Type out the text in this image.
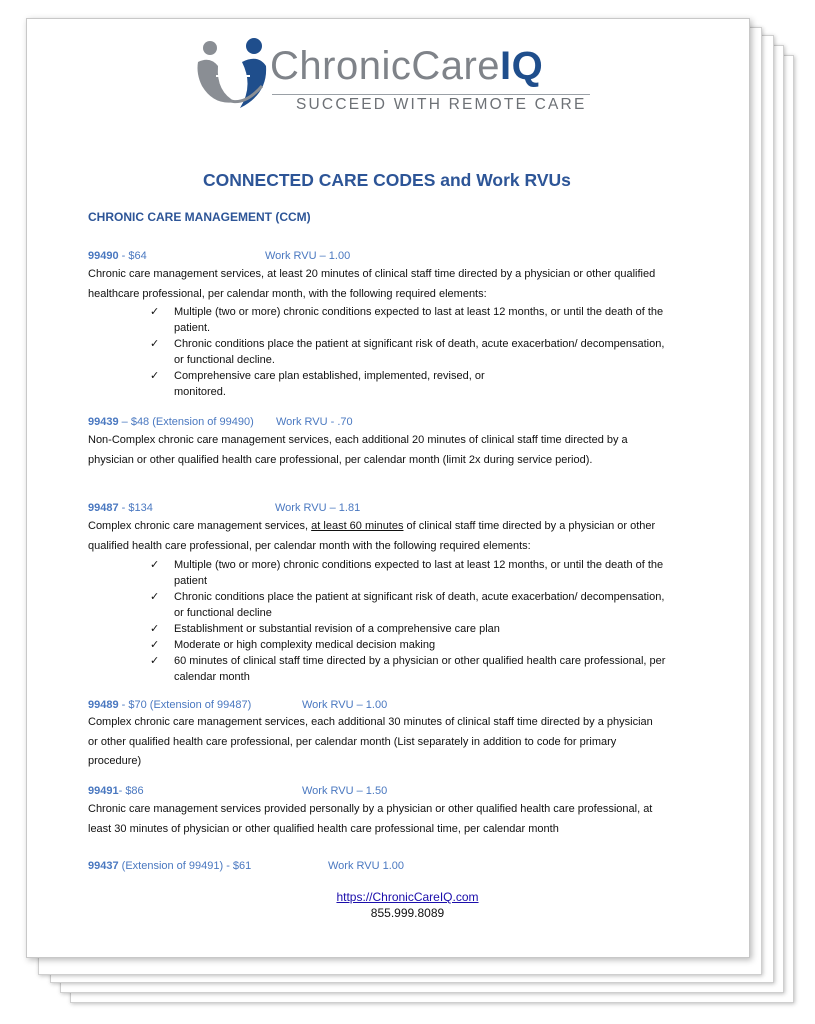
ChronicCareIQ
SUCCEED WITH REMOTE CARE
CONNECTED CARE CODES and Work RVUs
CHRONIC CARE MANAGEMENT (CCM)
99490 - $64	Work RVU – 1.00
Chronic care management services, at least 20 minutes of clinical staff time directed by a physician or other qualified healthcare professional, per calendar month, with the following required elements:
✓ Multiple (two or more) chronic conditions expected to last at least 12 months, or until the death of the patient.
✓ Chronic conditions place the patient at significant risk of death, acute exacerbation/ decompensation, or functional decline.
✓ Comprehensive care plan established, implemented, revised, or monitored.
99439 – $48 (Extension of 99490) Work RVU - .70
Non-Complex chronic care management services, each additional 20 minutes of clinical staff time directed by a physician or other qualified health care professional, per calendar month (limit 2x during service period).
99487 - $134	Work RVU – 1.81
Complex chronic care management services, at least 60 minutes of clinical staff time directed by a physician or other qualified health care professional, per calendar month with the following required elements:
✓ Multiple (two or more) chronic conditions expected to last at least 12 months, or until the death of the patient
✓ Chronic conditions place the patient at significant risk of death, acute exacerbation/ decompensation, or functional decline
✓ Establishment or substantial revision of a comprehensive care plan
✓ Moderate or high complexity medical decision making
✓ 60 minutes of clinical staff time directed by a physician or other qualified health care professional, per calendar month
99489 - $70 (Extension of 99487)	Work RVU – 1.00
Complex chronic care management services, each additional 30 minutes of clinical staff time directed by a physician or other qualified health care professional, per calendar month (List separately in addition to code for primary procedure)
99491- $86	Work RVU – 1.50
Chronic care management services provided personally by a physician or other qualified health care professional, at least 30 minutes of physician or other qualified health care professional time, per calendar month
99437 (Extension of 99491) - $61	Work RVU 1.00
https://ChronicCareIQ.com
855.999.8089
